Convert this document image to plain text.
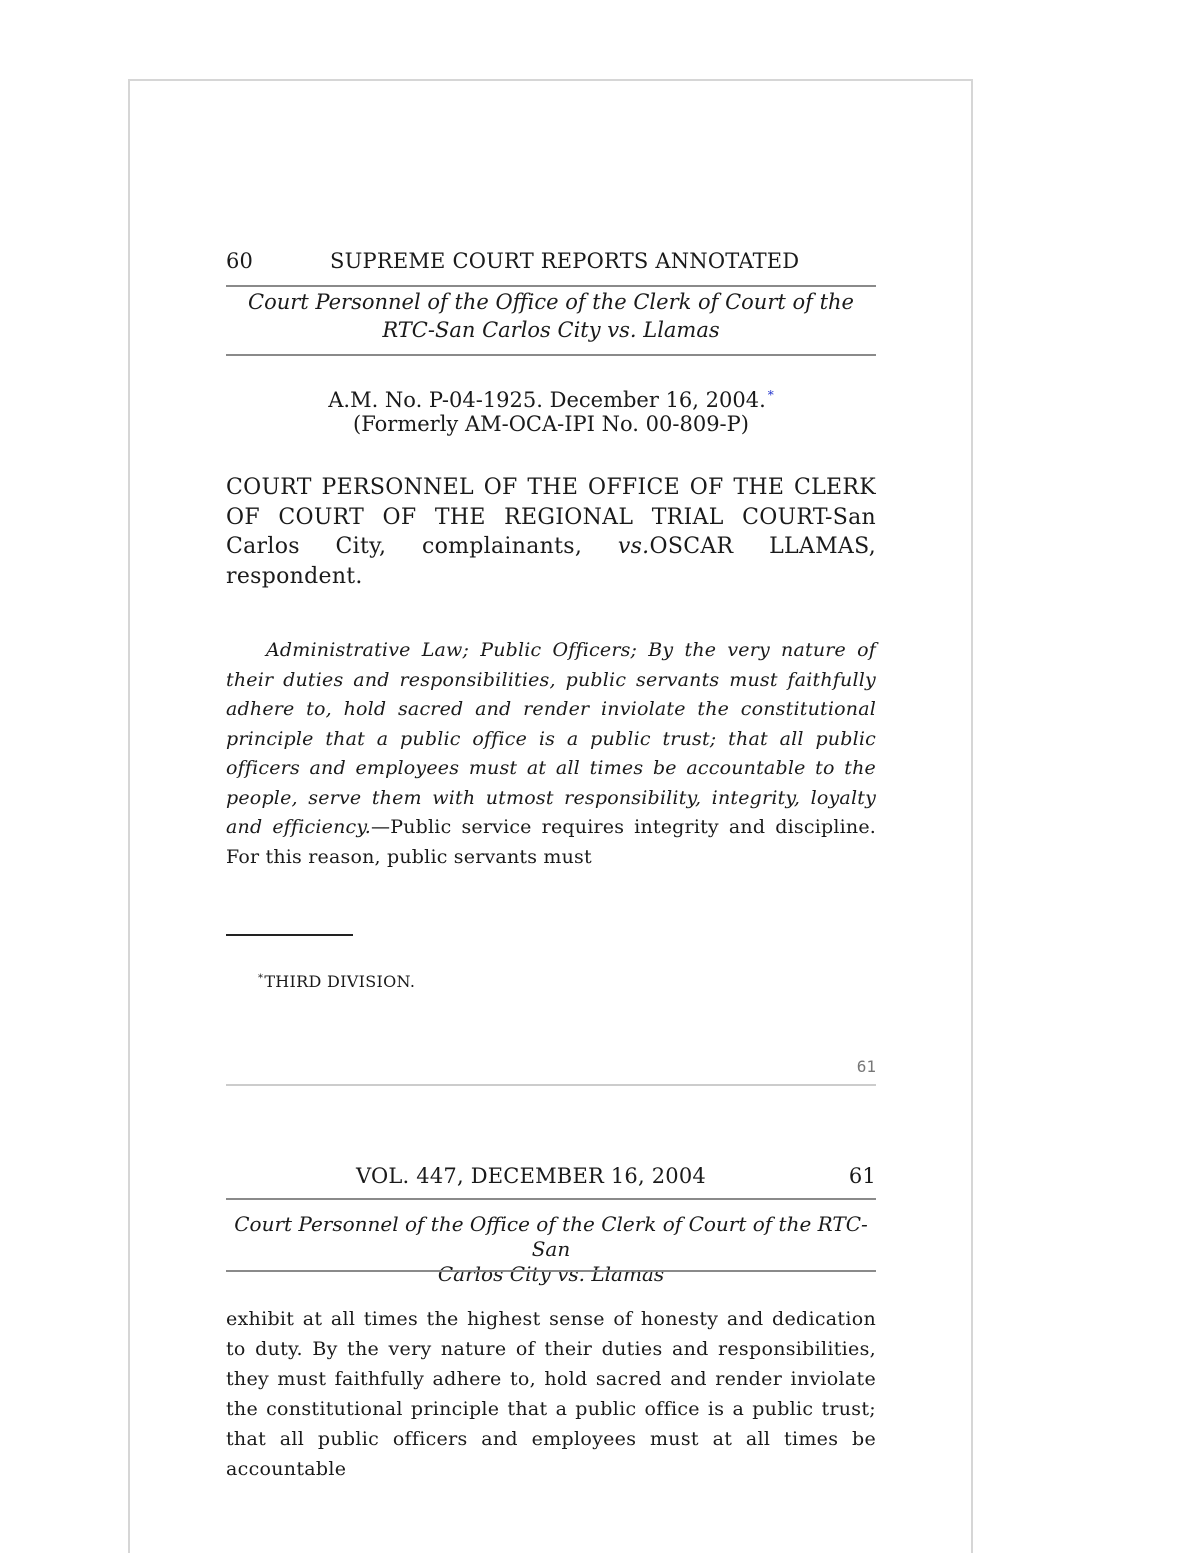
60	SUPREME COURT REPORTS ANNOTATED
Court Personnel of the Office of the Clerk of Court of the
RTC-San Carlos City vs. Llamas
A.M. No. P-04-1925. December 16, 2004. *
(Formerly AM-OCA-IPI No. 00-809-P)
COURT PERSONNEL OF THE OFFICE OF THE CLERK OF COURT OF THE REGIONAL TRIAL COURT-San Carlos City, complainants, vs.OSCAR LLAMAS, respondent.
Administrative Law; Public Officers; By the very nature of their duties and responsibilities, public servants must faithfully adhere to, hold sacred and render inviolate the constitutional principle that a public office is a public trust; that all public officers and employees must at all times be accountable to the people, serve them with utmost responsibility, integrity, loyalty and efficiency.—Public service requires integrity and discipline. For this reason, public servants must
*THIRD DIVISION.
61
VOL. 447, DECEMBER 16, 2004	61
Court Personnel of the Office of the Clerk of Court of the RTC-San
Carlos City vs. Llamas
exhibit at all times the highest sense of honesty and dedication to duty. By the very nature of their duties and responsibilities, they must faithfully adhere to, hold sacred and render inviolate the constitutional principle that a public office is a public trust; that all public officers and employees must at all times be accountable
